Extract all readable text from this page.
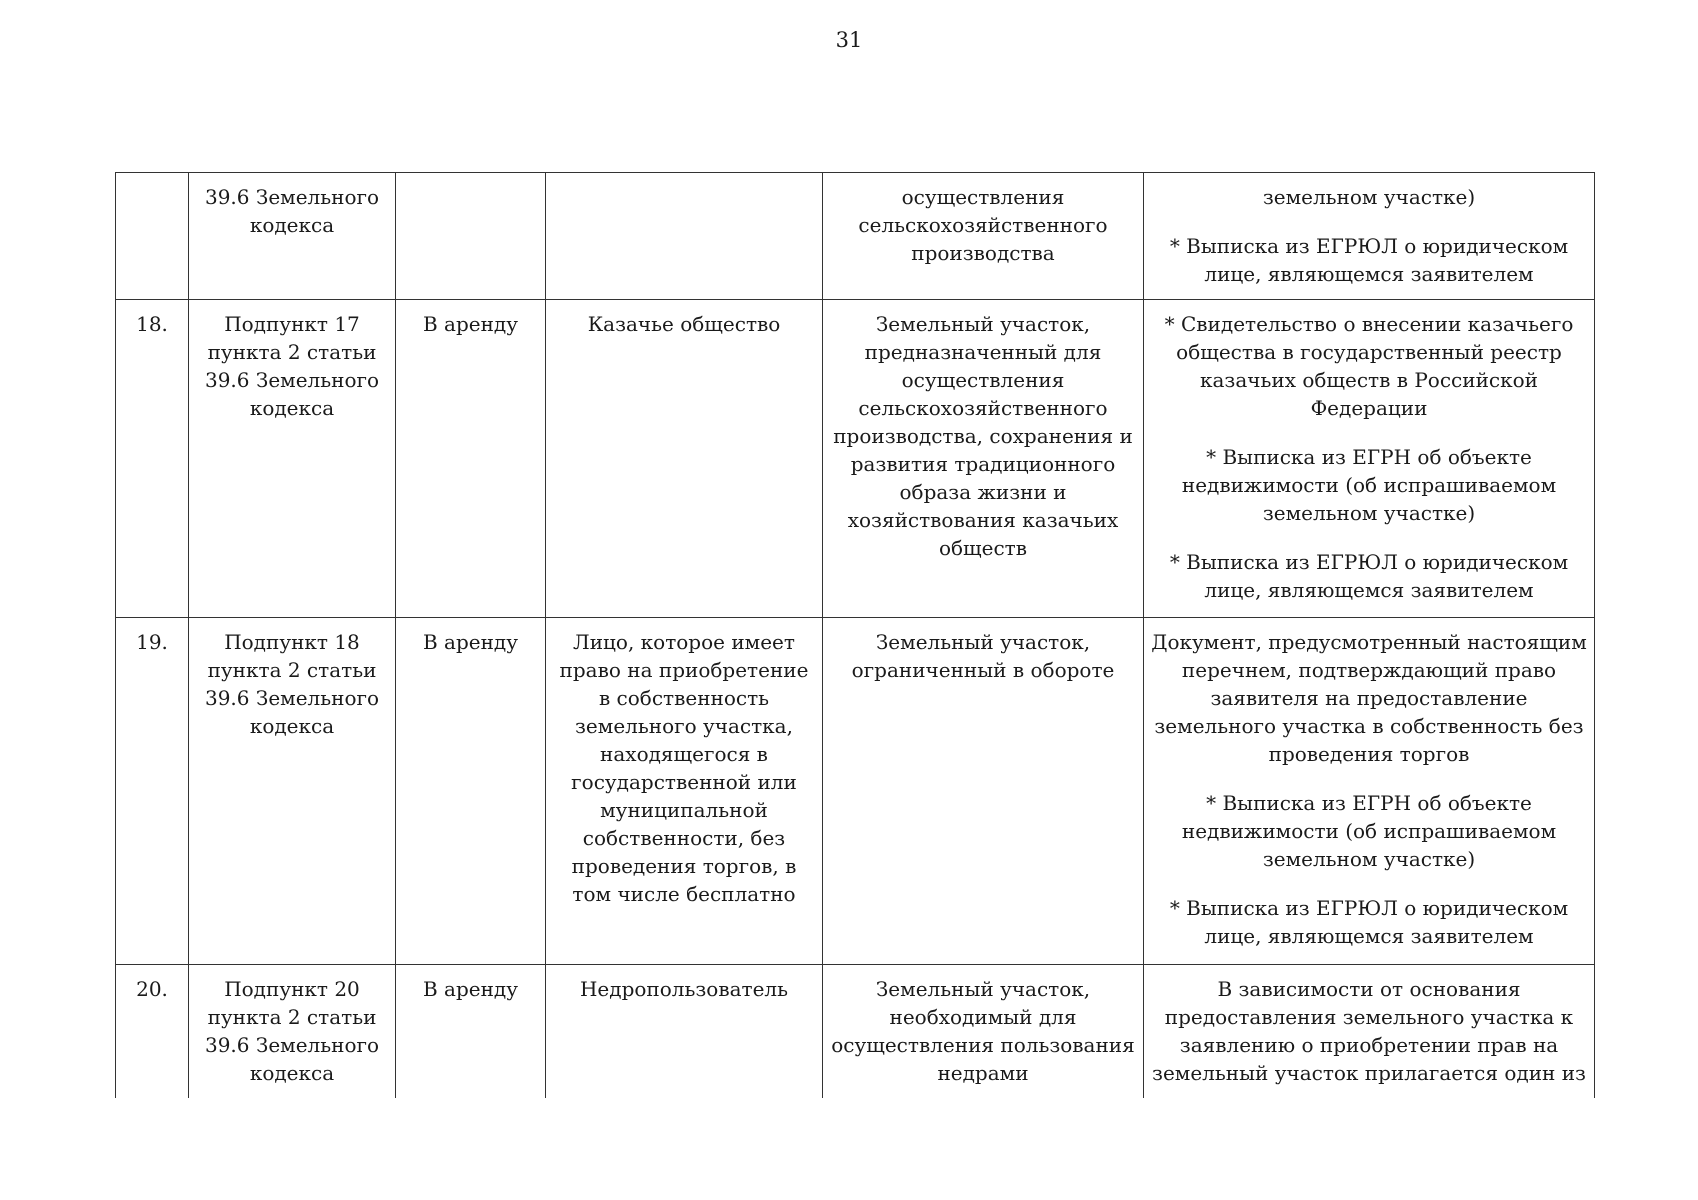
31
	39.6 Земельного кодекса			осуществления сельскохозяйственного производства	земельном участке)
* Выписка из ЕГРЮЛ о юридическом лице, являющемся заявителем

18.	Подпункт 17 пункта 2 статьи 39.6 Земельного кодекса	В аренду	Казачье общество	Земельный участок, предназначенный для осуществления сельскохозяйственного производства, сохранения и развития традиционного образа жизни и хозяйствования казачьих обществ	* Свидетельство о внесении казачьего общества в государственный реестр казачьих обществ в Российской Федерации
* Выписка из ЕГРН об объекте недвижимости (об испрашиваемом земельном участке)
* Выписка из ЕГРЮЛ о юридическом лице, являющемся заявителем

19.	Подпункт 18 пункта 2 статьи 39.6 Земельного кодекса	В аренду	Лицо, которое имеет право на приобретение в собственность земельного участка, находящегося в государственной или муниципальной собственности, без проведения торгов, в том числе бесплатно	Земельный участок, ограниченный в обороте	Документ, предусмотренный настоящим перечнем, подтверждающий право заявителя на предоставление земельного участка в собственность без проведения торгов
* Выписка из ЕГРН об объекте недвижимости (об испрашиваемом земельном участке)
* Выписка из ЕГРЮЛ о юридическом лице, являющемся заявителем

20.	Подпункт 20 пункта 2 статьи 39.6 Земельного кодекса	В аренду	Недропользователь	Земельный участок, необходимый для осуществления пользования недрами	В зависимости от основания предоставления земельного участка к заявлению о приобретении прав на земельный участок прилагается один из
